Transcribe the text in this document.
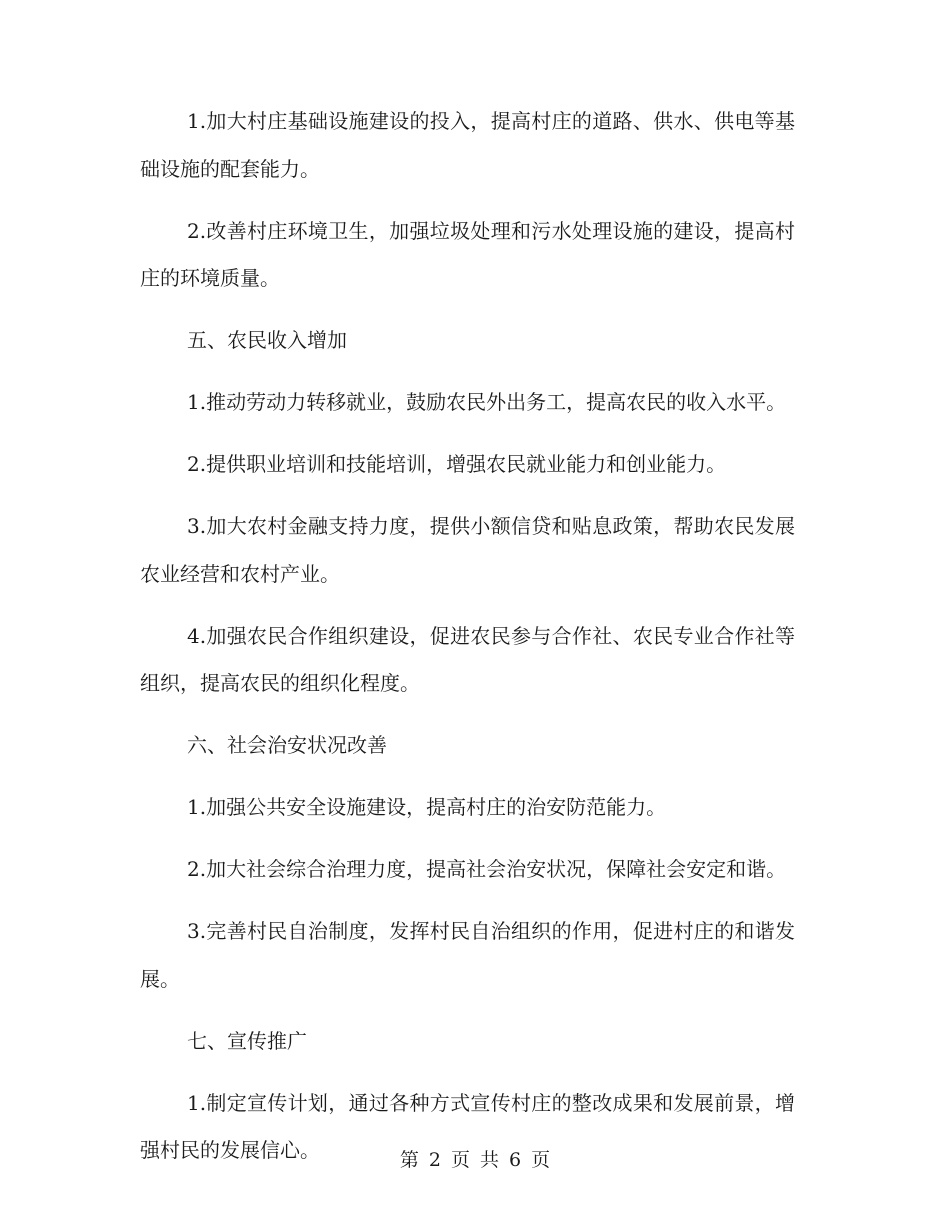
1.加大村庄基础设施建设的投入，提高村庄的道路、供水、供电等基础设施的配套能力。

2.改善村庄环境卫生，加强垃圾处理和污水处理设施的建设，提高村庄的环境质量。

五、农民收入增加

1.推动劳动力转移就业，鼓励农民外出务工，提高农民的收入水平。

2.提供职业培训和技能培训，增强农民就业能力和创业能力。

3.加大农村金融支持力度，提供小额信贷和贴息政策，帮助农民发展农业经营和农村产业。

4.加强农民合作组织建设，促进农民参与合作社、农民专业合作社等组织，提高农民的组织化程度。

六、社会治安状况改善

1.加强公共安全设施建设，提高村庄的治安防范能力。

2.加大社会综合治理力度，提高社会治安状况，保障社会安定和谐。

3.完善村民自治制度，发挥村民自治组织的作用，促进村庄的和谐发展。

七、宣传推广

1.制定宣传计划，通过各种方式宣传村庄的整改成果和发展前景，增强村民的发展信心。	第 2 页 共 6 页
